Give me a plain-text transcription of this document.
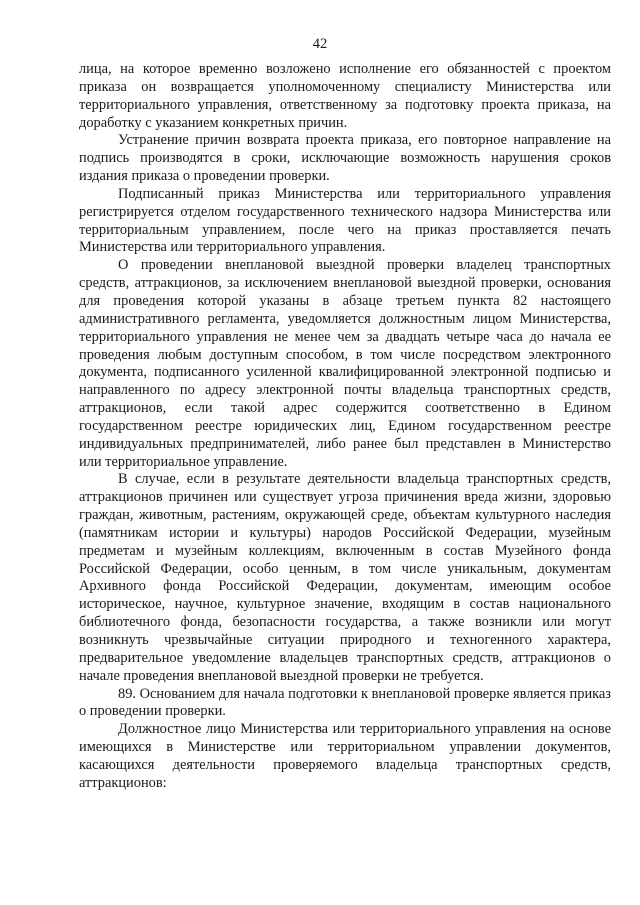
42

лица, на которое временно возложено исполнение его обязанностей с проектом приказа он возвращается уполномоченному специалисту Министерства или территориального управления, ответственному за подготовку проекта приказа, на доработку с указанием конкретных причин.

Устранение причин возврата проекта приказа, его повторное направление на подпись производятся в сроки, исключающие возможность нарушения сроков издания приказа о проведении проверки.

Подписанный приказ Министерства или территориального управления регистрируется отделом государственного технического надзора Министерства или территориальным управлением, после чего на приказ проставляется печать Министерства или территориального управления.

О проведении внеплановой выездной проверки владелец транспортных средств, аттракционов, за исключением внеплановой выездной проверки, основания для проведения которой указаны в абзаце третьем пункта 82 настоящего административного регламента, уведомляется должностным лицом Министерства, территориального управления не менее чем за двадцать четыре часа до начала ее проведения любым доступным способом, в том числе посредством электронного документа, подписанного усиленной квалифицированной электронной подписью и направленного по адресу электронной почты владельца транспортных средств, аттракционов, если такой адрес содержится соответственно в Едином государственном реестре юридических лиц, Едином государственном реестре индивидуальных предпринимателей, либо ранее был представлен в Министерство или территориальное управление.

В случае, если в результате деятельности владельца транспортных средств, аттракционов причинен или существует угроза причинения вреда жизни, здоровью граждан, животным, растениям, окружающей среде, объектам культурного наследия (памятникам истории и культуры) народов Российской Федерации, музейным предметам и музейным коллекциям, включенным в состав Музейного фонда Российской Федерации, особо ценным, в том числе уникальным, документам Архивного фонда Российской Федерации, документам, имеющим особое историческое, научное, культурное значение, входящим в состав национального библиотечного фонда, безопасности государства, а также возникли или могут возникнуть чрезвычайные ситуации природного и техногенного характера, предварительное уведомление владельцев транспортных средств, аттракционов о начале проведения внеплановой выездной проверки не требуется.

89. Основанием для начала подготовки к внеплановой проверке является приказ о проведении проверки.

Должностное лицо Министерства или территориального управления на основе имеющихся в Министерстве или территориальном управлении документов, касающихся деятельности проверяемого владельца транспортных средств, аттракционов:
